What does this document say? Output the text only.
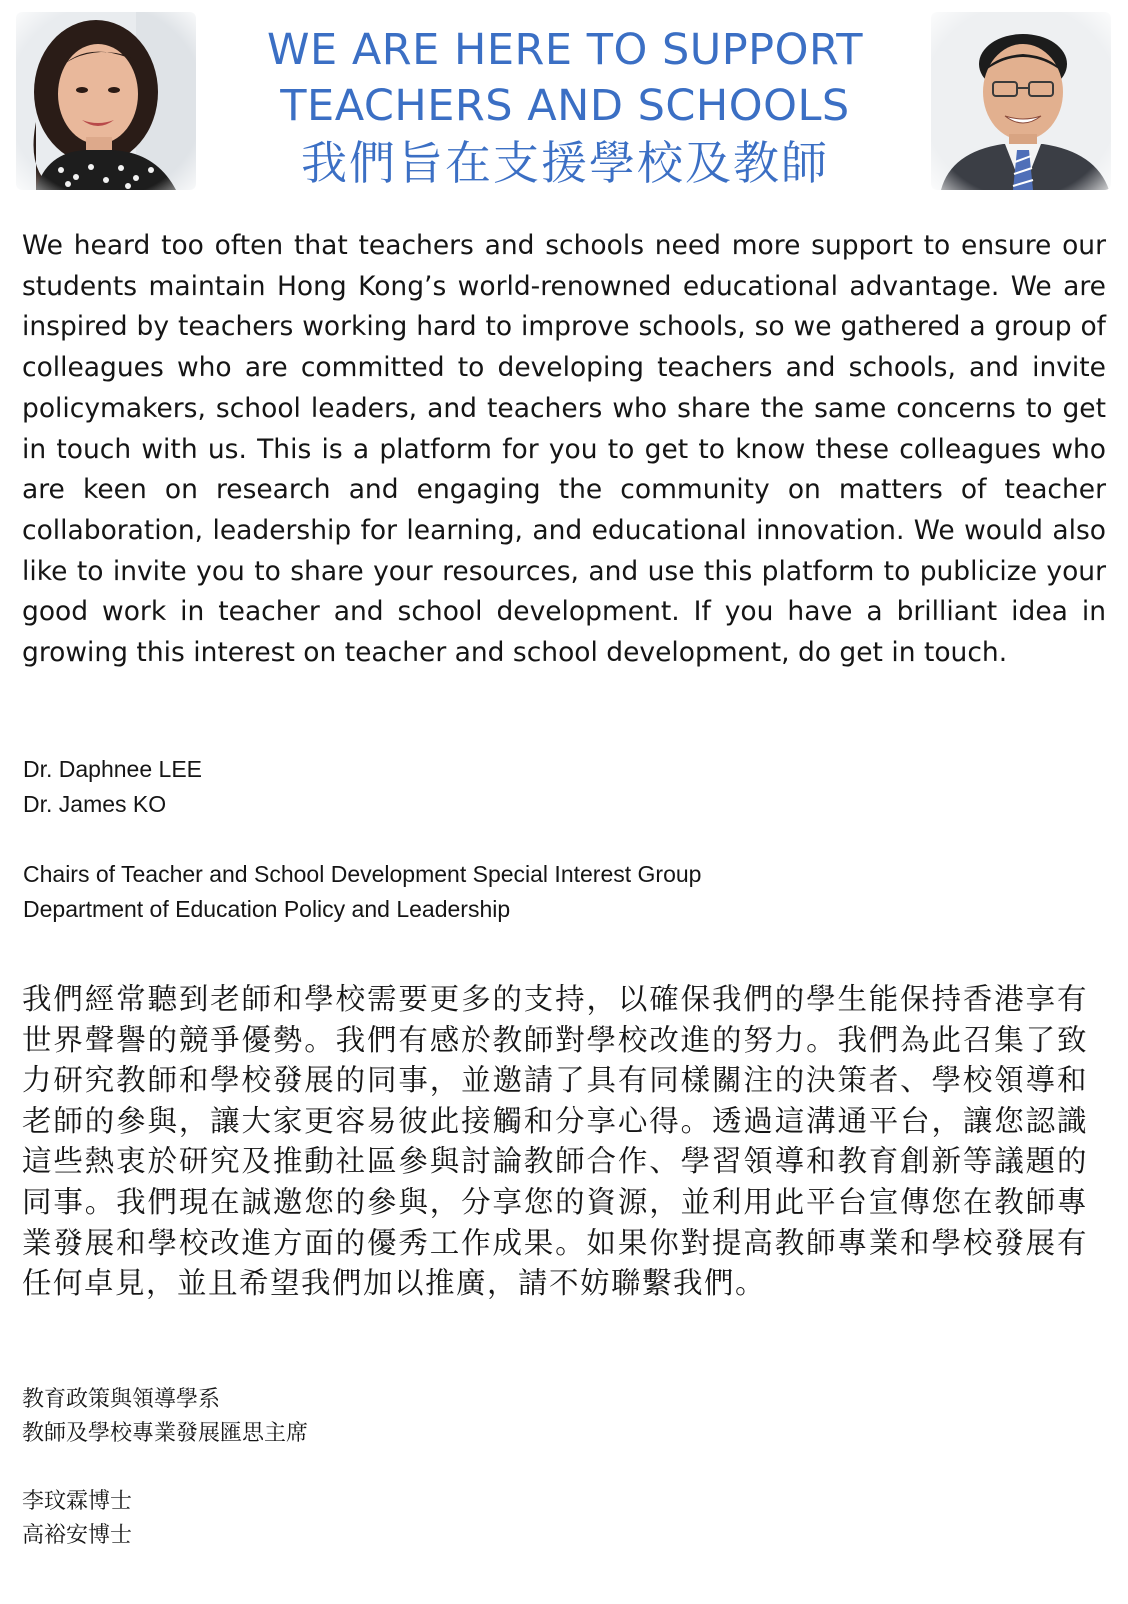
WE ARE HERE TO SUPPORT
TEACHERS AND SCHOOLS
我們旨在支援學校及教師

We heard too often that teachers and schools need more support to ensure our students maintain Hong Kong’s world-renowned educational advantage. We are inspired by teachers working hard to improve schools, so we gathered a group of colleagues who are committed to developing teachers and schools, and invite policymakers, school leaders, and teachers who share the same concerns to get in touch with us. This is a platform for you to get to know these colleagues who are keen on research and engaging the community on matters of teacher collaboration, leadership for learning, and educational innovation. We would also like to invite you to share your resources, and use this platform to publicize your good work in teacher and school development. If you have a brilliant idea in growing this interest on teacher and school development, do get in touch.

Dr. Daphnee LEE
Dr. James KO
Chairs of Teacher and School Development Special Interest Group
Department of Education Policy and Leadership

我們經常聽到老師和學校需要更多的支持，以確保我們的學生能保持香港享有世界聲譽的競爭優勢。我們有感於教師對學校改進的努力。我們為此召集了致力研究教師和學校發展的同事，並邀請了具有同樣關注的決策者、學校領導和老師的參與，讓大家更容易彼此接觸和分享心得。透過這溝通平台，讓您認識這些熱衷於研究及推動社區參與討論教師合作、學習領導和教育創新等議題的同事。我們現在誠邀您的參與，分享您的資源，並利用此平台宣傳您在教師專業發展和學校改進方面的優秀工作成果。如果你對提高教師專業和學校發展有任何卓見，並且希望我們加以推廣，請不妨聯繫我們。

教育政策與領導學系
教師及學校專業發展匯思主席
李玟霖博士
高裕安博士
